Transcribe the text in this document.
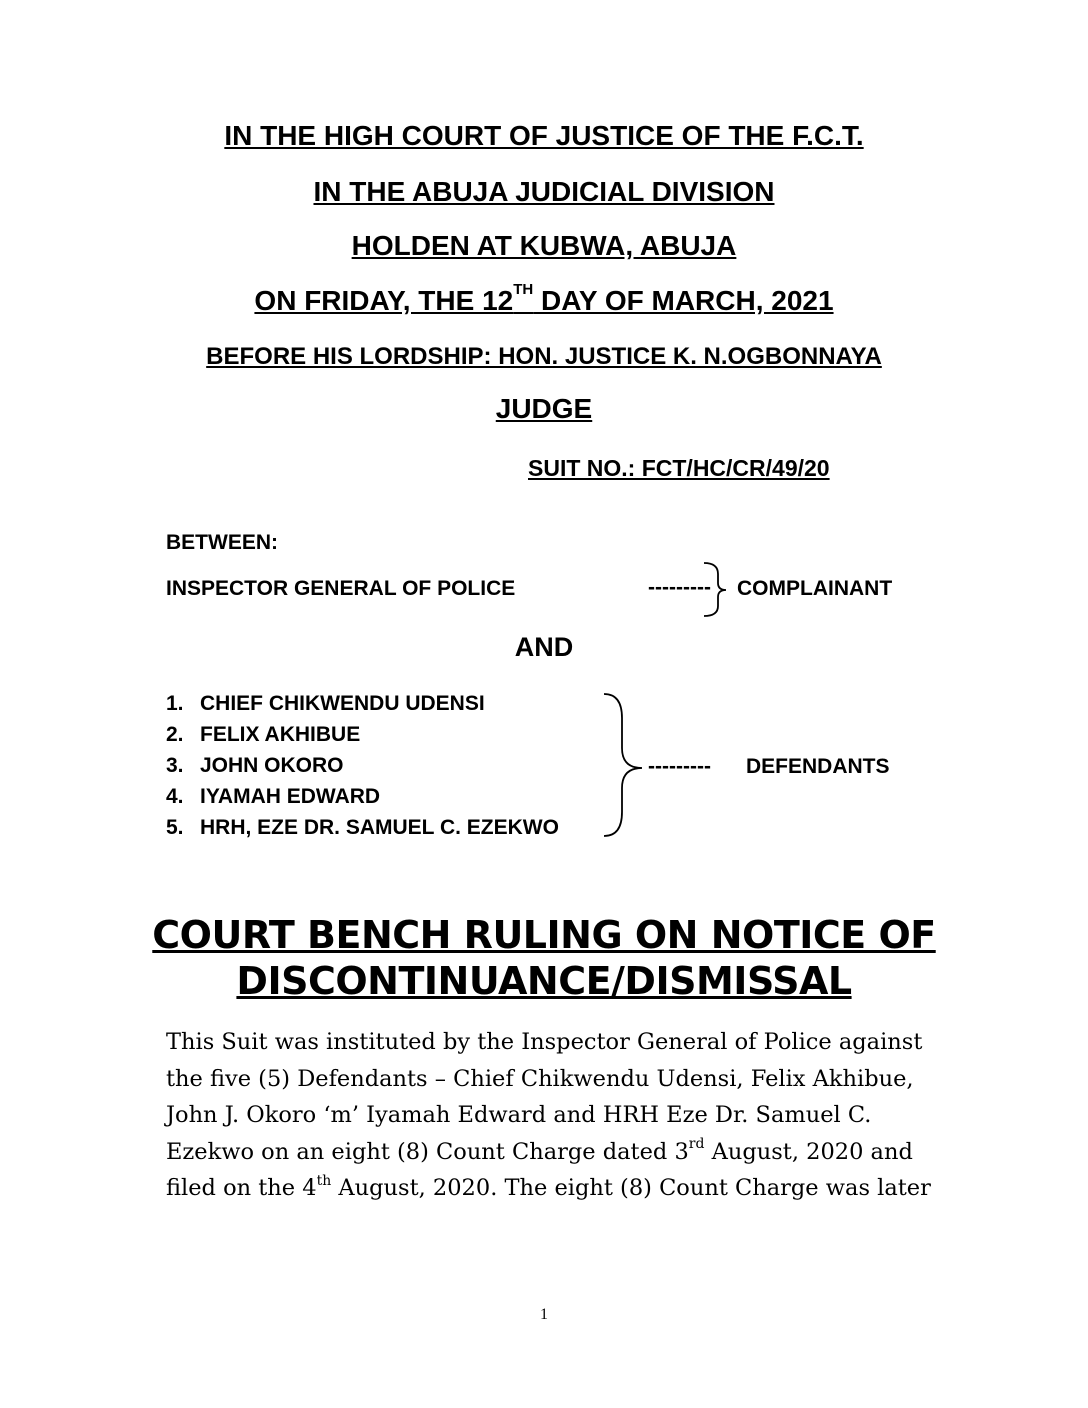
IN THE HIGH COURT OF JUSTICE OF THE F.C.T.
IN THE ABUJA JUDICIAL DIVISION
HOLDEN AT KUBWA, ABUJA
ON FRIDAY, THE 12TH DAY OF MARCH, 2021
BEFORE HIS LORDSHIP: HON. JUSTICE K. N.OGBONNAYA
JUDGE
SUIT NO.: FCT/HC/CR/49/20
BETWEEN:
INSPECTOR GENERAL OF POLICE	--------- COMPLAINANT
AND
1. CHIEF CHIKWENDU UDENSI
2. FELIX AKHIBUE
3. JOHN OKORO
4. IYAMAH EDWARD
5. HRH, EZE DR. SAMUEL C. EZEKWO
--------- DEFENDANTS
COURT BENCH RULING ON NOTICE OF
DISCONTINUANCE/DISMISSAL

This Suit was instituted by the Inspector General of Police against the five (5) Defendants – Chief Chikwendu Udensi, Felix Akhibue, John J. Okoro ‘m’ Iyamah Edward and HRH Eze Dr. Samuel C. Ezekwo on an eight (8) Count Charge dated 3rd August, 2020 and filed on the 4th August, 2020. The eight (8) Count Charge was later

1
